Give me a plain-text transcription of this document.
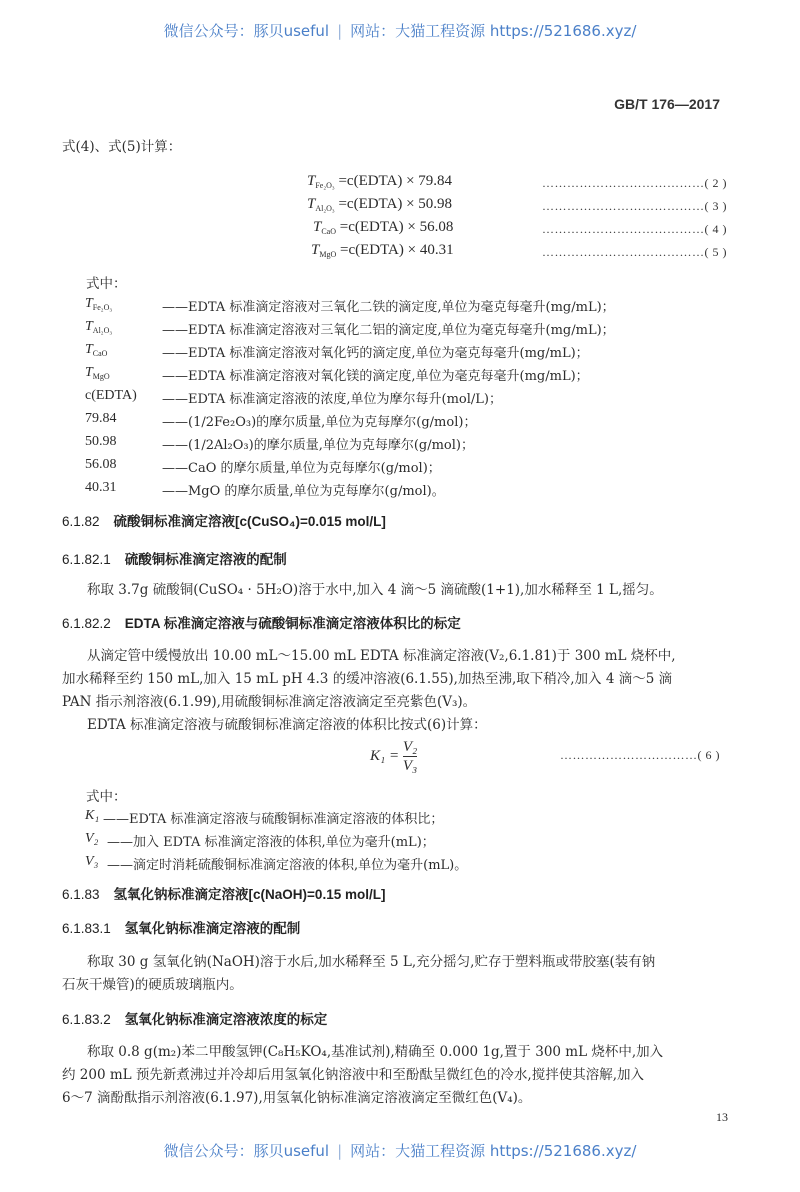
微信公众号：豚贝useful | 网站：大猫工程资源 https://521686.xyz/
GB/T 176—2017
式(4)、式(5)计算：
$T_{Fe_2O_3}$ =c(EDTA) × 79.84	…………………………………( 2 )
$T_{Al_2O_3}$ =c(EDTA) × 50.98	…………………………………( 3 )
$T_{CaO}$ =c(EDTA) × 56.08	…………………………………( 4 )
$T_{MgO}$ =c(EDTA) × 40.31	…………………………………( 5 )
式中：
$T_{Fe_2O_3}$	——EDTA 标准滴定溶液对三氧化二铁的滴定度,单位为毫克每毫升(mg/mL)；
$T_{Al_2O_3}$	——EDTA 标准滴定溶液对三氧化二铝的滴定度,单位为毫克每毫升(mg/mL)；
$T_{CaO}$	——EDTA 标准滴定溶液对氧化钙的滴定度,单位为毫克每毫升(mg/mL)；
$T_{MgO}$	——EDTA 标准滴定溶液对氧化镁的滴定度,单位为毫克每毫升(mg/mL)；
c(EDTA) ——EDTA 标准滴定溶液的浓度,单位为摩尔每升(mol/L)；
79.84	——(1/2Fe₂O₃)的摩尔质量,单位为克每摩尔(g/mol)；
50.98	——(1/2Al₂O₃)的摩尔质量,单位为克每摩尔(g/mol)；
56.08	——CaO 的摩尔质量,单位为克每摩尔(g/mol)；
40.31	——MgO 的摩尔质量,单位为克每摩尔(g/mol)。
6.1.82 硫酸铜标准滴定溶液[c(CuSO₄)=0.015 mol/L]
6.1.82.1 硫酸铜标准滴定溶液的配制
称取 3.7g 硫酸铜(CuSO₄ · 5H₂O)溶于水中,加入 4 滴～5 滴硫酸(1+1),加水稀释至 1 L,摇匀。
6.1.82.2 EDTA 标准滴定溶液与硫酸铜标准滴定溶液体积比的标定
从滴定管中缓慢放出 10.00 mL～15.00 mL EDTA 标准滴定溶液(V₂,6.1.81)于 300 mL 烧杯中,
加水稀释至约 150 mL,加入 15 mL pH 4.3 的缓冲溶液(6.1.55),加热至沸,取下稍冷,加入 4 滴～5 滴
PAN 指示剂溶液(6.1.99),用硫酸铜标准滴定溶液滴定至亮紫色(V₃)。
EDTA 标准滴定溶液与硫酸铜标准滴定溶液的体积比按式(6)计算：
$K_1 = \frac{\text{V₂}}{\text{V₃}}$	……………………………( 6 )
式中：
K₁ ——EDTA 标准滴定溶液与硫酸铜标准滴定溶液的体积比；
V₂ ——加入 EDTA 标准滴定溶液的体积,单位为毫升(mL)；
V₃ ——滴定时消耗硫酸铜标准滴定溶液的体积,单位为毫升(mL)。
6.1.83 氢氧化钠标准滴定溶液[c(NaOH)=0.15 mol/L]
6.1.83.1 氢氧化钠标准滴定溶液的配制
称取 30 g 氢氧化钠(NaOH)溶于水后,加水稀释至 5 L,充分摇匀,贮存于塑料瓶或带胶塞(装有钠
石灰干燥管)的硬质玻璃瓶内。
6.1.83.2 氢氧化钠标准滴定溶液浓度的标定
称取 0.8 g(m₂)苯二甲酸氢钾(C₈H₅KO₄,基准试剂),精确至 0.000 1g,置于 300 mL 烧杯中,加入
约 200 mL 预先新煮沸过并冷却后用氢氧化钠溶液中和至酚酞呈微红色的冷水,搅拌使其溶解,加入
6～7 滴酚酞指示剂溶液(6.1.97),用氢氧化钠标准滴定溶液滴定至微红色(V₄)。
13
微信公众号：豚贝useful | 网站：大猫工程资源 https://521686.xyz/
